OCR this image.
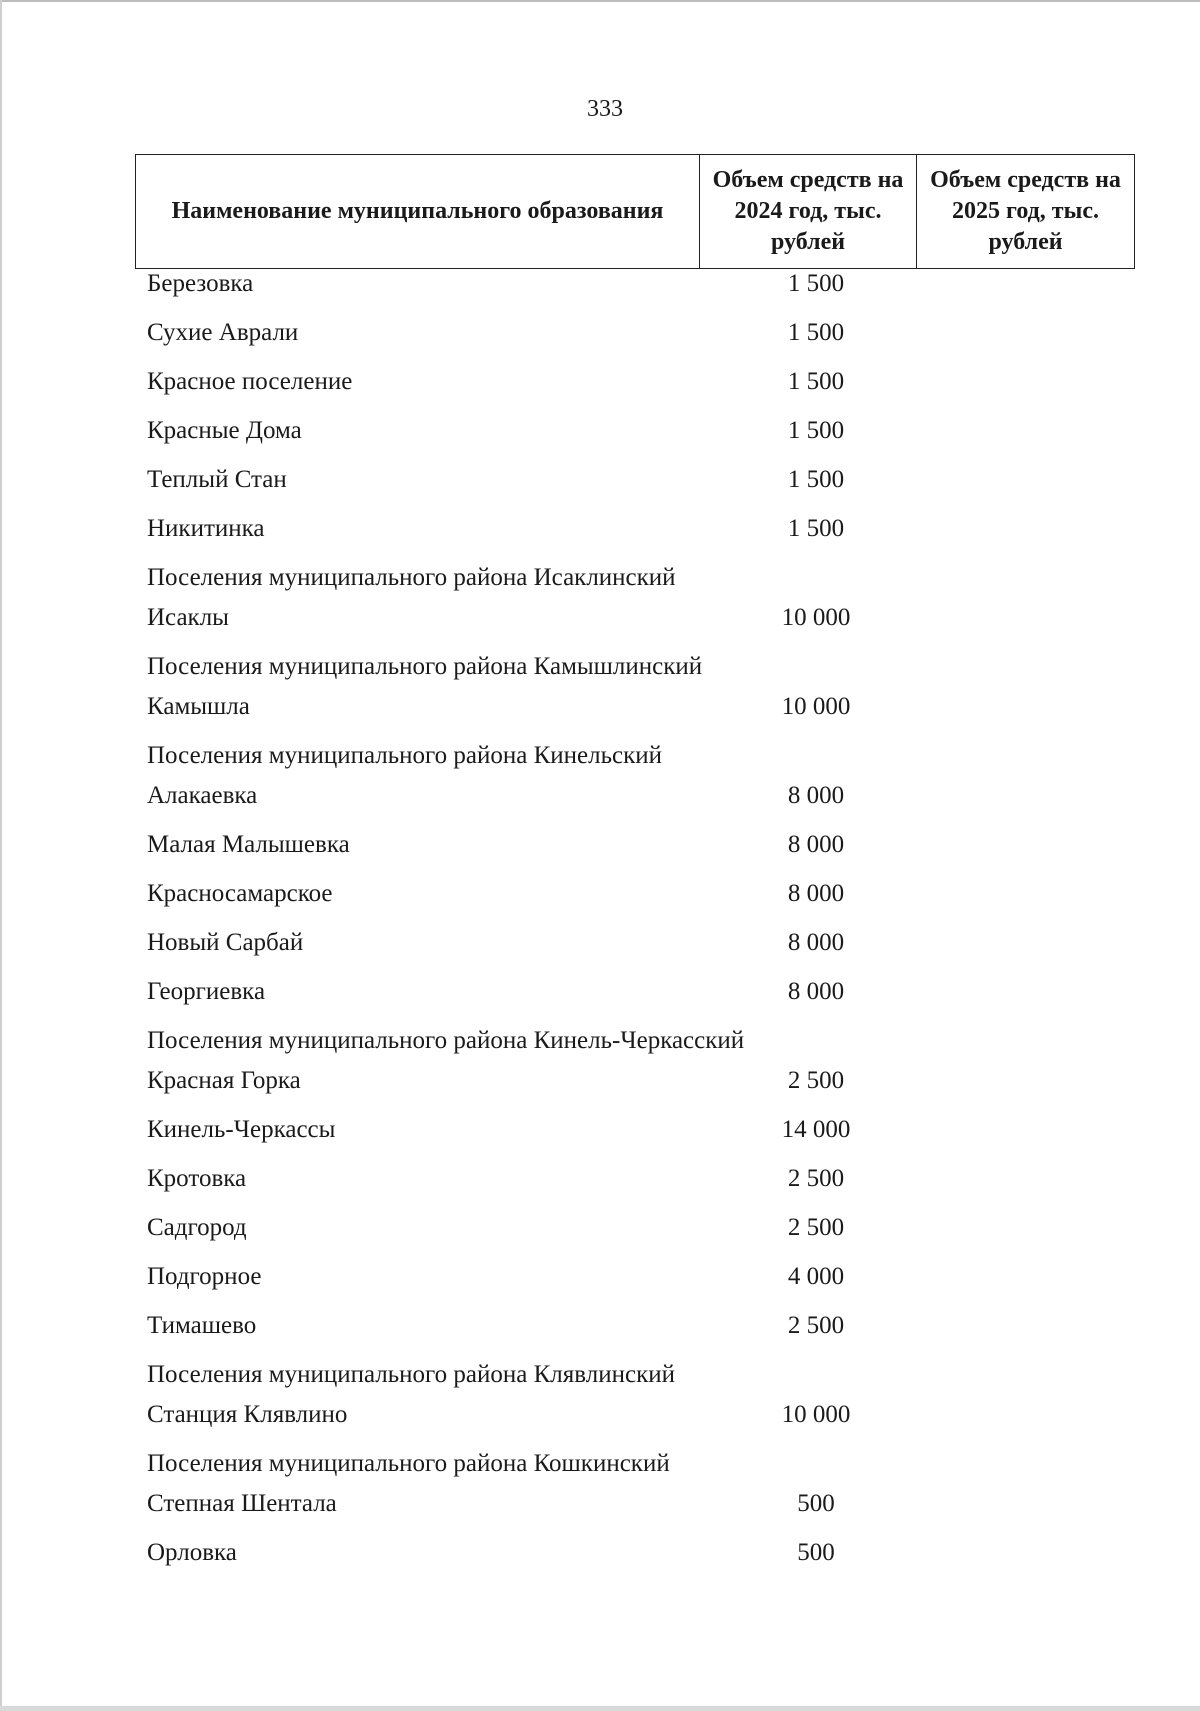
333
Наименование муниципального образования	Объем средств на 2024 год, тыс. рублей	Объем средств на 2025 год, тыс. рублей
Березовка	1 500
Сухие Аврали	1 500
Красное поселение	1 500
Красные Дома	1 500
Теплый Стан	1 500
Никитинка	1 500
Поселения муниципального района Исаклинский
Исаклы	10 000
Поселения муниципального района Камышлинский
Камышла	10 000
Поселения муниципального района Кинельский
Алакаевка	8 000
Малая Малышевка	8 000
Красносамарское	8 000
Новый Сарбай	8 000
Георгиевка	8 000
Поселения муниципального района Кинель-Черкасский
Красная Горка	2 500
Кинель-Черкассы	14 000
Кротовка	2 500
Садгород	2 500
Подгорное	4 000
Тимашево	2 500
Поселения муниципального района Клявлинский
Станция Клявлино	10 000
Поселения муниципального района Кошкинский
Степная Шентала	500
Орловка	500
